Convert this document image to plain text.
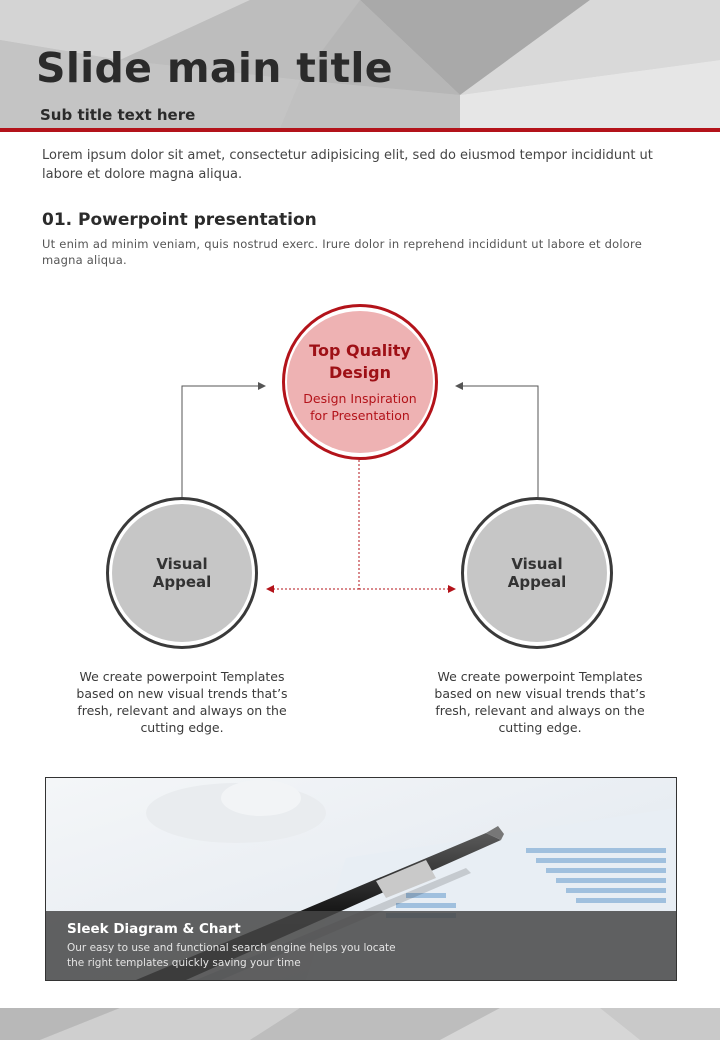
Slide main title
Sub title text here

Lorem ipsum dolor sit amet, consectetur adipisicing elit, sed do eiusmod tempor incididunt ut labore et dolore magna aliqua.

01. Powerpoint presentation

Ut enim ad minim veniam, quis nostrud exerc. Irure dolor in reprehend incididunt ut labore et dolore magna aliqua.

Top Quality Design

Design Inspiration for Presentation

Visual Appeal

Visual Appeal

We create powerpoint Templates based on new visual trends that’s fresh, relevant and always on the cutting edge.

We create powerpoint Templates based on new visual trends that’s fresh, relevant and always on the cutting edge.

Sleek Diagram & Chart

Our easy to use and functional search engine helps you locate the right templates quickly saving your time
